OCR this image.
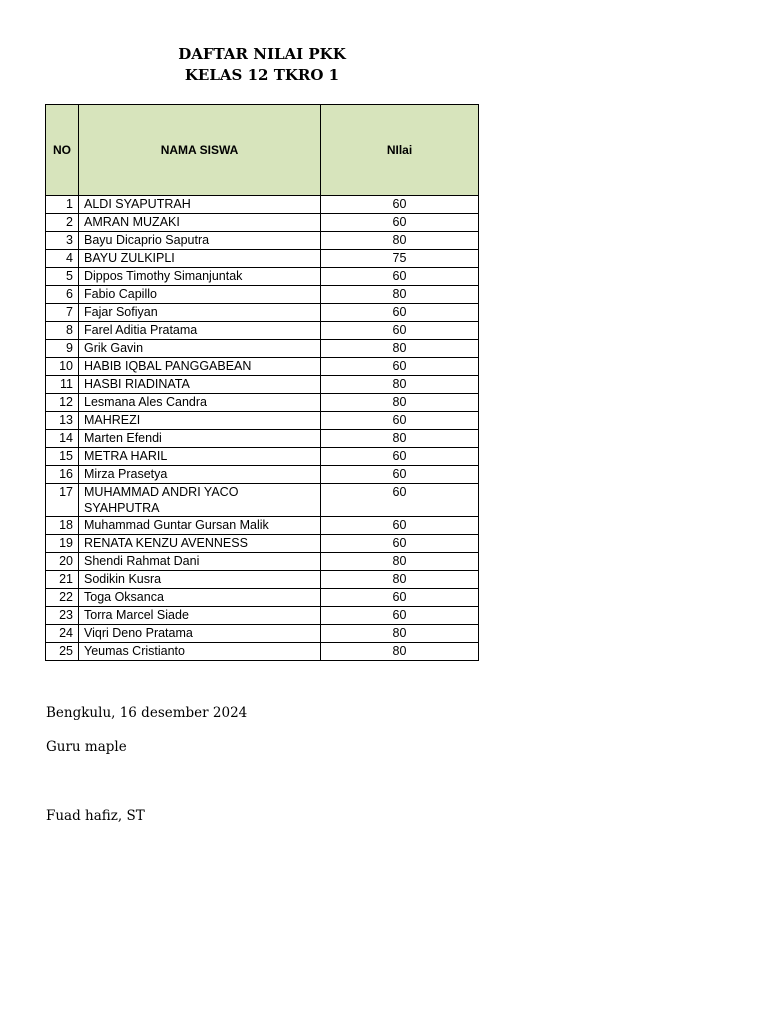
DAFTAR NILAI PKK
KELAS 12 TKRO 1
NO	NAMA SISWA	NIlai
1	ALDI SYAPUTRAH	60
2	AMRAN MUZAKI	60
3	Bayu Dicaprio Saputra	80
4	BAYU ZULKIPLI	75
5	Dippos Timothy Simanjuntak	60
6	Fabio Capillo	80
7	Fajar Sofiyan	60
8	Farel Aditia Pratama	60
9	Grik Gavin	80
10	HABIB IQBAL PANGGABEAN	60
11	HASBI RIADINATA	80
12	Lesmana Ales Candra	80
13	MAHREZI	60
14	Marten Efendi	80
15	METRA HARIL	60
16	Mirza Prasetya	60
17	MUHAMMAD ANDRI YACO SYAHPUTRA	60
18	Muhammad Guntar Gursan Malik	60
19	RENATA KENZU AVENNESS	60
20	Shendi Rahmat Dani	80
21	Sodikin Kusra	80
22	Toga Oksanca	60
23	Torra Marcel Siade	60
24	Viqri Deno Pratama	80
25	Yeumas Cristianto	80
Bengkulu, 16 desember 2024
Guru maple
Fuad hafiz, ST
